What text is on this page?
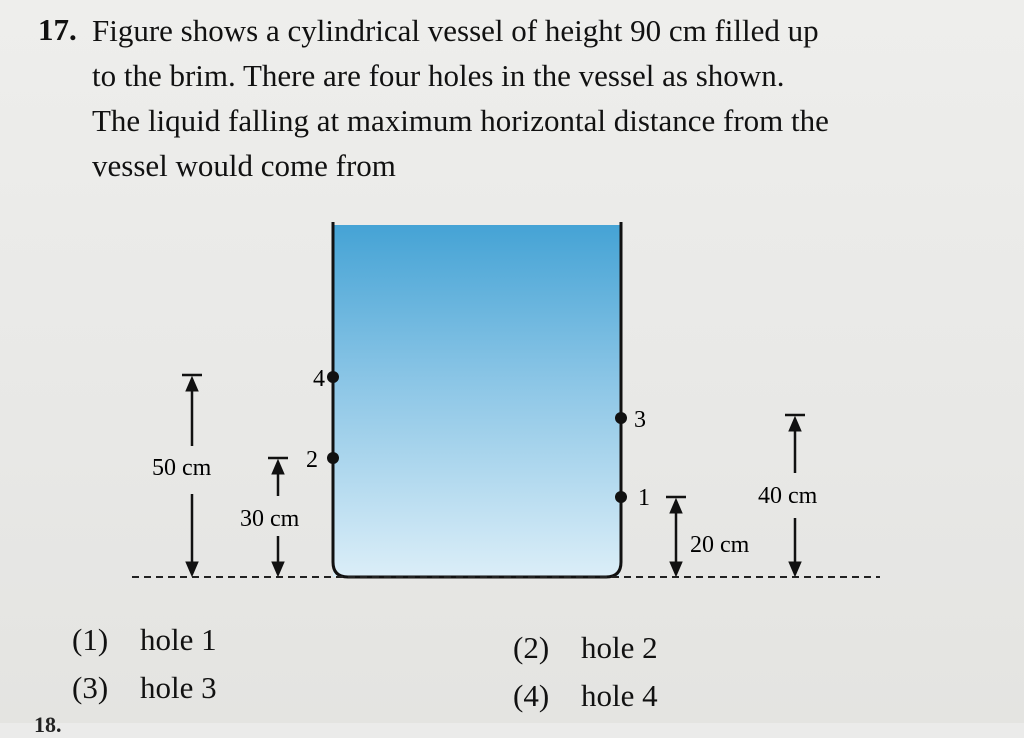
17. Figure shows a cylindrical vessel of height 90 cm filled up
to the brim. There are four holes in the vessel as shown.
The liquid falling at maximum horizontal distance from the
vessel would come from
4
2
3
1
50 cm
30 cm
20 cm
40 cm
(1) hole 1	(2) hole 2
(3) hole 3	(4) hole 4
18.
